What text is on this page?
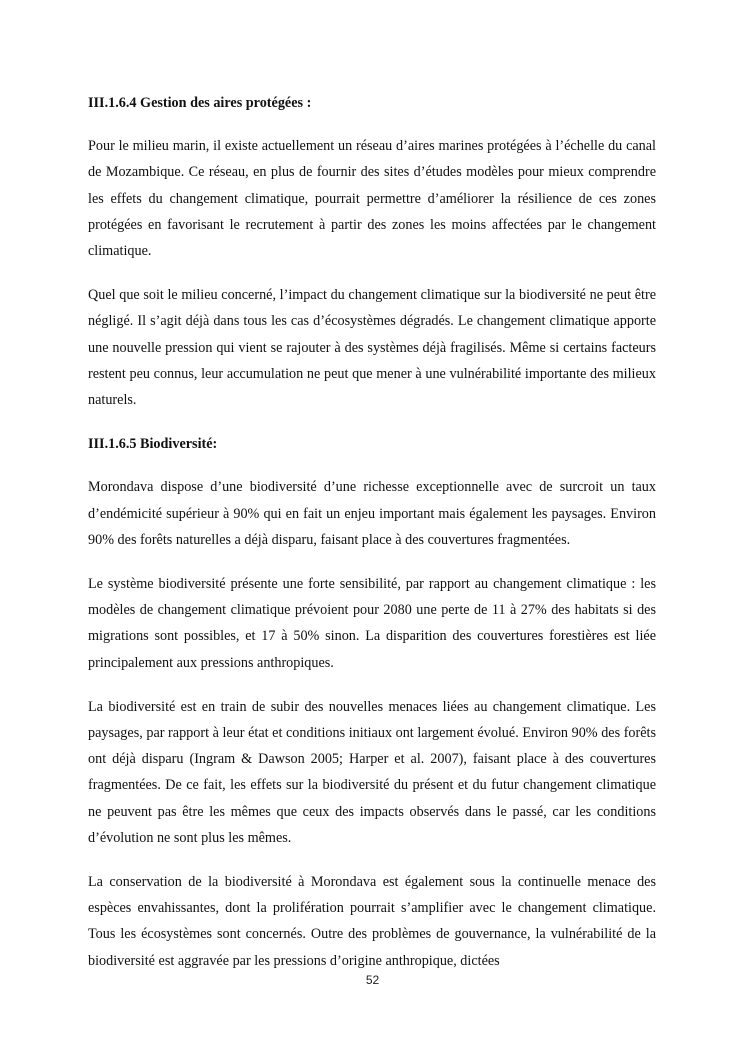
III.1.6.4 Gestion des aires protégées :

Pour le milieu marin, il existe actuellement un réseau d’aires marines protégées à l’échelle du canal de Mozambique. Ce réseau, en plus de fournir des sites d’études modèles pour mieux comprendre les effets du changement climatique, pourrait permettre d’améliorer la résilience de ces zones protégées en favorisant le recrutement à partir des zones les moins affectées par le changement climatique.

Quel que soit le milieu concerné, l’impact du changement climatique sur la biodiversité ne peut être négligé. Il s’agit déjà dans tous les cas d’écosystèmes dégradés. Le changement climatique apporte une nouvelle pression qui vient se rajouter à des systèmes déjà fragilisés. Même si certains facteurs restent peu connus, leur accumulation ne peut que mener à une vulnérabilité importante des milieux naturels.

III.1.6.5 Biodiversité:

Morondava dispose d’une biodiversité d’une richesse exceptionnelle avec de surcroit un taux d’endémicité supérieur à 90% qui en fait un enjeu important mais également les paysages. Environ 90% des forêts naturelles a déjà disparu, faisant place à des couvertures fragmentées.

Le système biodiversité présente une forte sensibilité, par rapport au changement climatique : les modèles de changement climatique prévoient pour 2080 une perte de 11 à 27% des habitats si des migrations sont possibles, et 17 à 50% sinon. La disparition des couvertures forestières est liée principalement aux pressions anthropiques.

La biodiversité est en train de subir des nouvelles menaces liées au changement climatique. Les paysages, par rapport à leur état et conditions initiaux ont largement évolué. Environ 90% des forêts ont déjà disparu (Ingram & Dawson 2005; Harper et al. 2007), faisant place à des couvertures fragmentées. De ce fait, les effets sur la biodiversité du présent et du futur changement climatique ne peuvent pas être les mêmes que ceux des impacts observés dans le passé, car les conditions d’évolution ne sont plus les mêmes.

La conservation de la biodiversité à Morondava est également sous la continuelle menace des espèces envahissantes, dont la prolifération pourrait s’amplifier avec le changement climatique. Tous les écosystèmes sont concernés. Outre des problèmes de gouvernance, la vulnérabilité de la biodiversité est aggravée par les pressions d’origine anthropique, dictées

52
